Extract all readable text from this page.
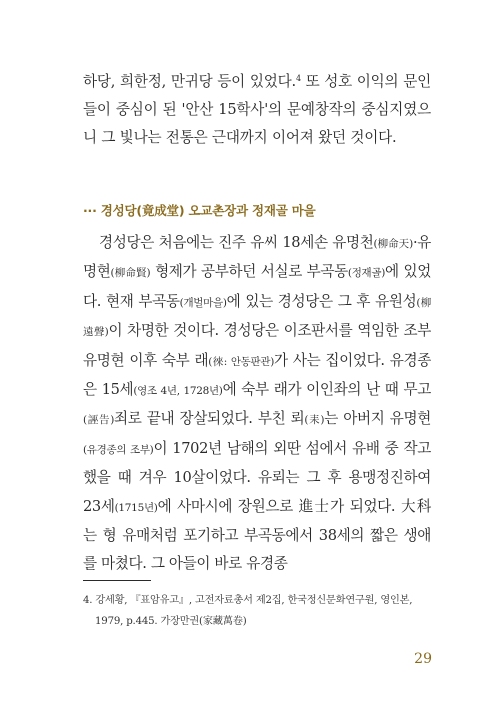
하당, 희한정, 만귀당 등이 있었다.$^4$ 또 성호 이익의 문인들이 중심이 된 '안산 15학사'의 문예창작의 중심지였으니 그 빛나는 전통은 근대까지 이어져 왔던 것이다.
··· 경성당(竟成堂) 오교촌장과 정재골 마을

경성당은 처음에는 진주 유씨 18세손 유명천(柳命天)·유명현(柳命賢) 형제가 공부하던 서실로 부곡동(정재골)에 있었다. 현재 부곡동(개벌마을)에 있는 경성당은 그 후 유원성(柳遠聲)이 차명한 것이다. 경성당은 이조판서를 역임한 조부 유명현 이후 숙부 래(徠: 안동판관)가 사는 집이었다. 유경종은 15세(영조 4년, 1728년)에 숙부 래가 이인좌의 난 때 무고(誣告)죄로 끝내 장살되었다. 부친 뢰(耒)는 아버지 유명현(유경종의 조부)이 1702년 남해의 외딴 섬에서 유배 중 작고했을 때 겨우 10살이었다. 유뢰는 그 후 용맹정진하여 23세(1715년)에 사마시에 장원으로 進士가 되었다. 大科는 형 유매처럼 포기하고 부곡동에서 38세의 짧은 생애를 마쳤다. 그 아들이 바로 유경종

4. 강세황, 『표암유고』, 고전자료총서 제2집, 한국정신문화연구원, 영인본,
1979, p.445. 가장만권(家藏萬卷)
29
